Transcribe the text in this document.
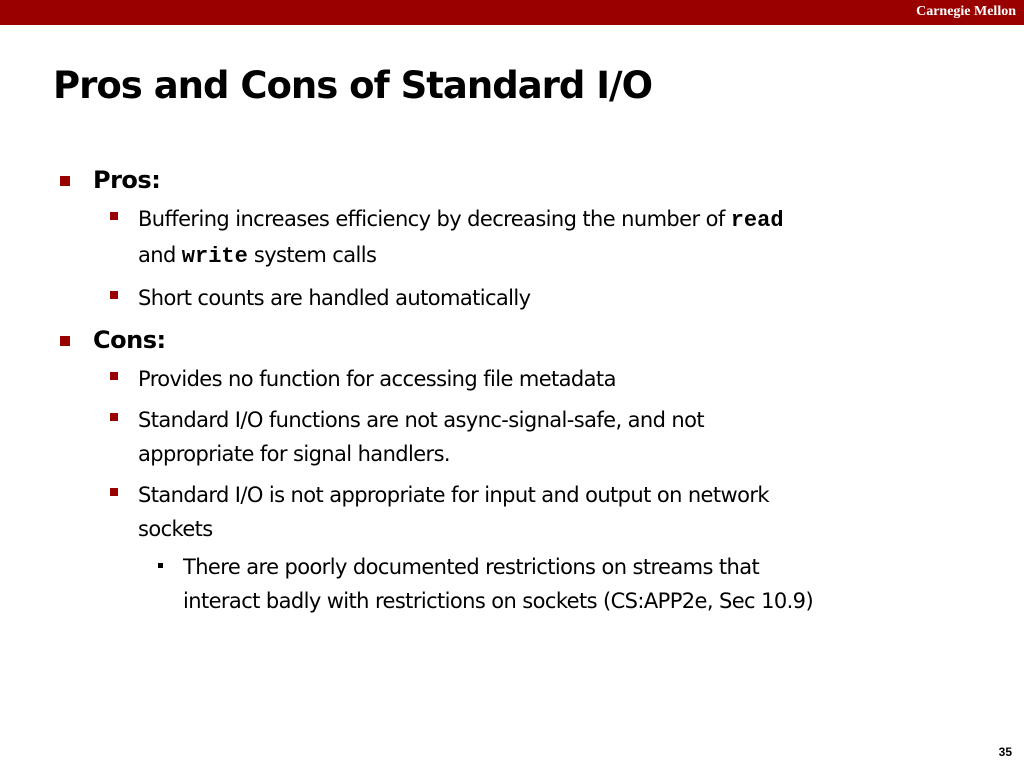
Carnegie Mellon
Pros and Cons of Standard I/O
Pros:
Buffering increases efficiency by decreasing the number of read
and write system calls
Short counts are handled automatically
Cons:
Provides no function for accessing file metadata
Standard I/O functions are not async-signal-safe, and not
appropriate for signal handlers.
Standard I/O is not appropriate for input and output on network
sockets
There are poorly documented restrictions on streams that
interact badly with restrictions on sockets (CS:APP2e, Sec 10.9)
35
